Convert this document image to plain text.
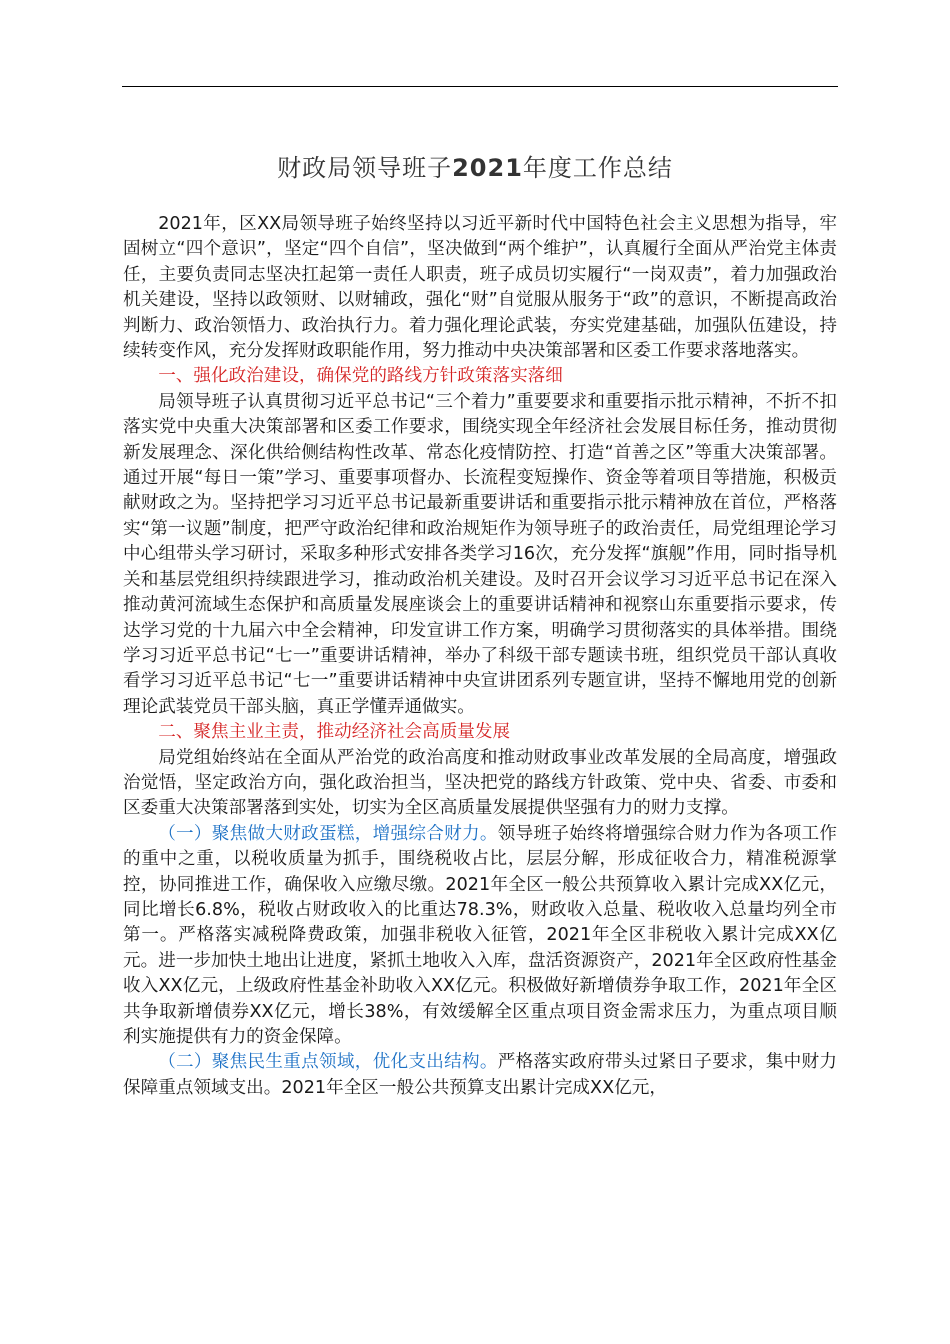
财政局领导班子2021年度工作总结

2021年，区XX局领导班子始终坚持以习近平新时代中国特色社会主义思想为指导，牢固树立“四个意识”，坚定“四个自信”，坚决做到“两个维护”，认真履行全面从严治党主体责任，主要负责同志坚决扛起第一责任人职责，班子成员切实履行“一岗双责”，着力加强政治机关建设，坚持以政领财、以财辅政，强化“财”自觉服从服务于“政”的意识，不断提高政治判断力、政治领悟力、政治执行力。着力强化理论武装，夯实党建基础，加强队伍建设，持续转变作风，充分发挥财政职能作用，努力推动中央决策部署和区委工作要求落地落实。

一、强化政治建设，确保党的路线方针政策落实落细

局领导班子认真贯彻习近平总书记“三个着力”重要要求和重要指示批示精神，不折不扣落实党中央重大决策部署和区委工作要求，围绕实现全年经济社会发展目标任务，推动贯彻新发展理念、深化供给侧结构性改革、常态化疫情防控、打造“首善之区”等重大决策部署。通过开展“每日一策”学习、重要事项督办、长流程变短操作、资金等着项目等措施，积极贡献财政之为。坚持把学习习近平总书记最新重要讲话和重要指示批示精神放在首位，严格落实“第一议题”制度，把严守政治纪律和政治规矩作为领导班子的政治责任，局党组理论学习中心组带头学习研讨，采取多种形式安排各类学习16次，充分发挥“旗舰”作用，同时指导机关和基层党组织持续跟进学习，推动政治机关建设。及时召开会议学习习近平总书记在深入推动黄河流域生态保护和高质量发展座谈会上的重要讲话精神和视察山东重要指示要求，传达学习党的十九届六中全会精神，印发宣讲工作方案，明确学习贯彻落实的具体举措。围绕学习习近平总书记“七一”重要讲话精神，举办了科级干部专题读书班，组织党员干部认真收看学习习近平总书记“七一”重要讲话精神中央宣讲团系列专题宣讲，坚持不懈地用党的创新理论武装党员干部头脑，真正学懂弄通做实。

二、聚焦主业主责，推动经济社会高质量发展

局党组始终站在全面从严治党的政治高度和推动财政事业改革发展的全局高度，增强政治觉悟，坚定政治方向，强化政治担当，坚决把党的路线方针政策、党中央、省委、市委和区委重大决策部署落到实处，切实为全区高质量发展提供坚强有力的财力支撑。

（一）聚焦做大财政蛋糕，增强综合财力。领导班子始终将增强综合财力作为各项工作的重中之重，以税收质量为抓手，围绕税收占比，层层分解，形成征收合力，精准税源掌控，协同推进工作，确保收入应缴尽缴。2021年全区一般公共预算收入累计完成XX亿元，同比增长6.8%，税收占财政收入的比重达78.3%，财政收入总量、税收收入总量均列全市第一。严格落实减税降费政策，加强非税收入征管，2021年全区非税收入累计完成XX亿元。进一步加快土地出让进度，紧抓土地收入入库，盘活资源资产，2021年全区政府性基金收入XX亿元，上级政府性基金补助收入XX亿元。积极做好新增债券争取工作，2021年全区共争取新增债券XX亿元，增长38%，有效缓解全区重点项目资金需求压力，为重点项目顺利实施提供有力的资金保障。

（二）聚焦民生重点领域，优化支出结构。严格落实政府带头过紧日子要求，集中财力保障重点领域支出。2021年全区一般公共预算支出累计完成XX亿元，
